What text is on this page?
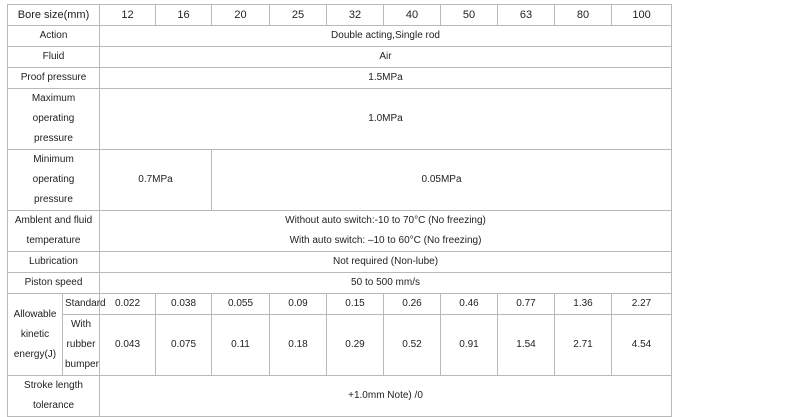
Bore size(mm)		12	16	20	25	32	40	50	63	80	100
Action		Double acting,Single rod									
Fluid		Air									
Proof pressure		1.5MPa									

Maximum
operating
pressure		1.0MPa									

Minimum
operating
pressure		0.7MPa		0.05MPa							

Amblent and fluid
temperature		Without auto switch:-10 to 70°C (No freezing)
With auto switch: –10 to 60°C (No freezing)									

Lubrication		Not required (Non-lube)									
Piston speed		50 to 500 mm/s									

Allowable
kinetic
energy(J)	Standard	0.022	0.038	0.055	0.09	0.15	0.26	0.46	0.77	1.36	2.27

	With
rubber
bumper	0.043	0.075	0.11	0.18	0.29	0.52	0.91	1.54	2.71	4.54

Stroke length
tolerance		+1.0mm Note) /0									
